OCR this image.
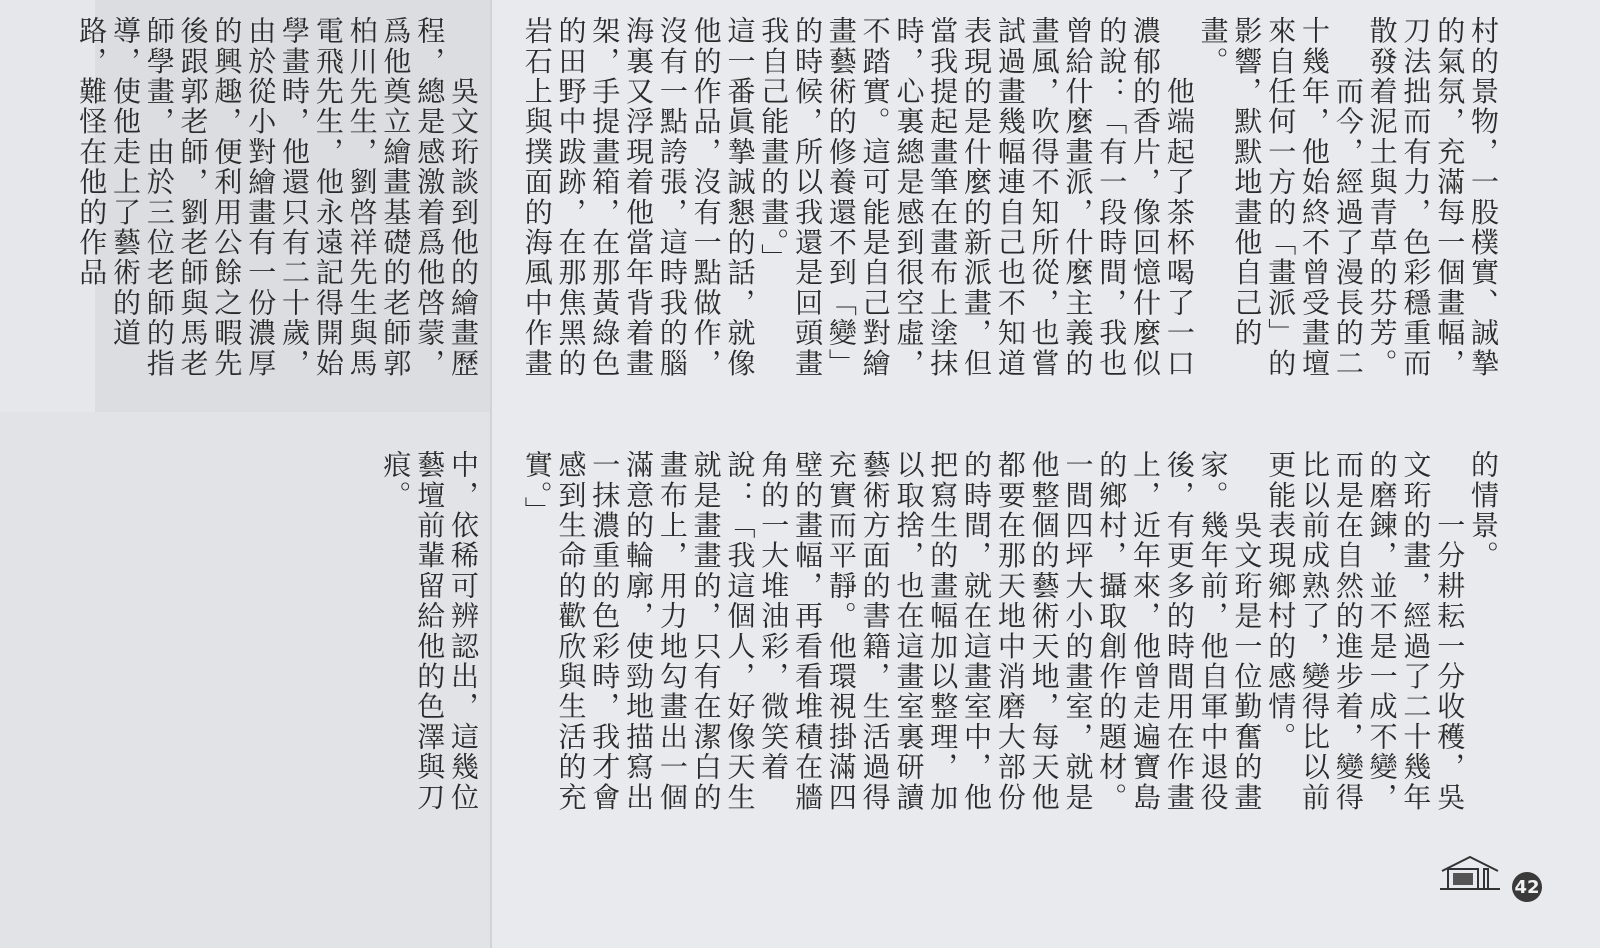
村的景物，一股樸實、誠摯的氣氛，充滿每一個畫幅，刀法拙而有力，色彩穩重而散發着泥土與青草的芬芳。
　　而今，經過了漫長的二十幾年，他始終不曾受畫壇來自任何一方的「畫派」的影響，默默地畫他自己的畫。
　　他端起了茶杯喝了一口濃郁的香片，像回憶什麼似的說：「有一段時間，我也曾給什麼畫派，什麼主義的畫風，吹得不知所從，也嘗試過畫幾幅連自己也不知道表現的是什麼的新派畫，但當我提起畫筆在畫布上塗抹時，心裏總是感到很空虛，不踏實。這可能是自己對繪畫藝術的修養還不到「變」的時候，所以我還是回頭畫我自己能畫的畫。」
這一番眞摯誠懇的話，就像他的作品，沒有一點做作，沒有一點誇張，這時我的腦海裏又浮現着他當年背着畫架，手提畫箱，在那黃綠色的田野中跋跡，在那焦黑的岩石上與撲面的海風中作畫
的情景。
　　一分耕耘一分收穫，吳文珩的畫，經過了二十幾年的磨鍊，並不是一成不變，而是在自然的進步着，變得比以前成熟了，變得比以前更能表現鄉村的感情。
　　吳文珩是一位勤奮的畫家。幾年前，他自軍中退役後，有更多的時間用在作畫上，近年來，他曾走遍寶島的鄉村，攝取創作的題材。一間四坪大小的畫室，就是他整個的藝術天地，每天他都要在那天地中消磨大部份的時間，就在這畫室中，他把寫生的畫幅加以整理，加以取捨，也在這畫室裏研讀藝術方面的書籍，生活過得充實而平靜。他環視掛滿四壁的畫幅，再看看堆積在牆角的一大堆油彩，微笑着說：「我這個人，好像天生就是畫畫的，只有在潔白的畫布上，用力地勾畫出一個滿意的輪廓，使勁地描寫出一抹濃重的色彩時，我才會感到生命的歡欣與生活的充實。」
　　吳文珩談到他的繪畫歷程，總是感激着爲他啓蒙，爲他奠立繪畫基礎的老師郭柏川先生，劉啓祥先生與馬電飛先生，他永遠記得開始學畫時，他還只有二十歲，由於從小對繪畫有一份濃厚的興趣，便利用公餘之暇先後跟郭老師，劉老師與馬老師學畫，由於三位老師的指導，使他走上了藝術的道路，難怪在他的作品
中，依稀可辨認出，這幾位藝壇前輩留給他的色澤與刀痕。
42
